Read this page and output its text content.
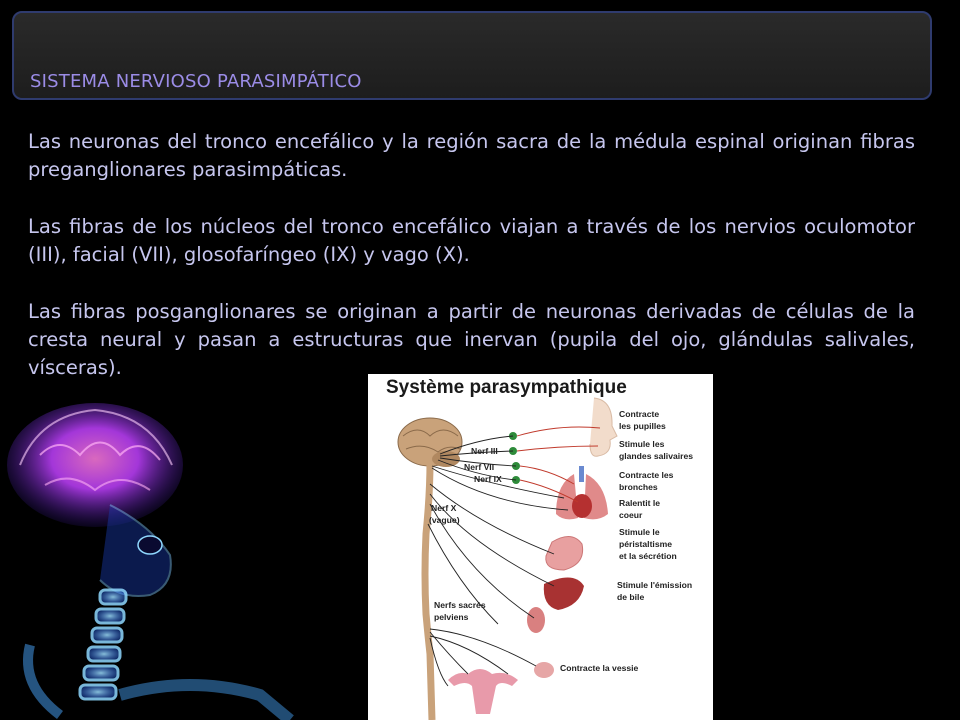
SISTEMA NERVIOSO PARASIMPÁTICO

Las neuronas del tronco encefálico y la región sacra de la médula espinal originan fibras preganglionares parasimpáticas.

Las fibras de los núcleos del tronco encefálico viajan a través de los nervios oculomotor (III), facial (VII), glosofaríngeo (IX) y vago (X).

Las fibras posganglionares se originan a partir de neuronas derivadas de células de la cresta neural y pasan a estructuras que inervan (pupila del ojo, glándulas salivales, vísceras).

Système parasympathique
Nerf III
Nerf VII
Nerf IX
Nerf X
(vague)
Nerfs sacrés
pelviens
Contracte
les pupilles
Stimule les
glandes salivaires
Contracte les
bronches
Ralentit le
coeur
Stimule le
péristaltisme
et la sécrétion
Stimule l'émission
de bile
Contracte la vessie
